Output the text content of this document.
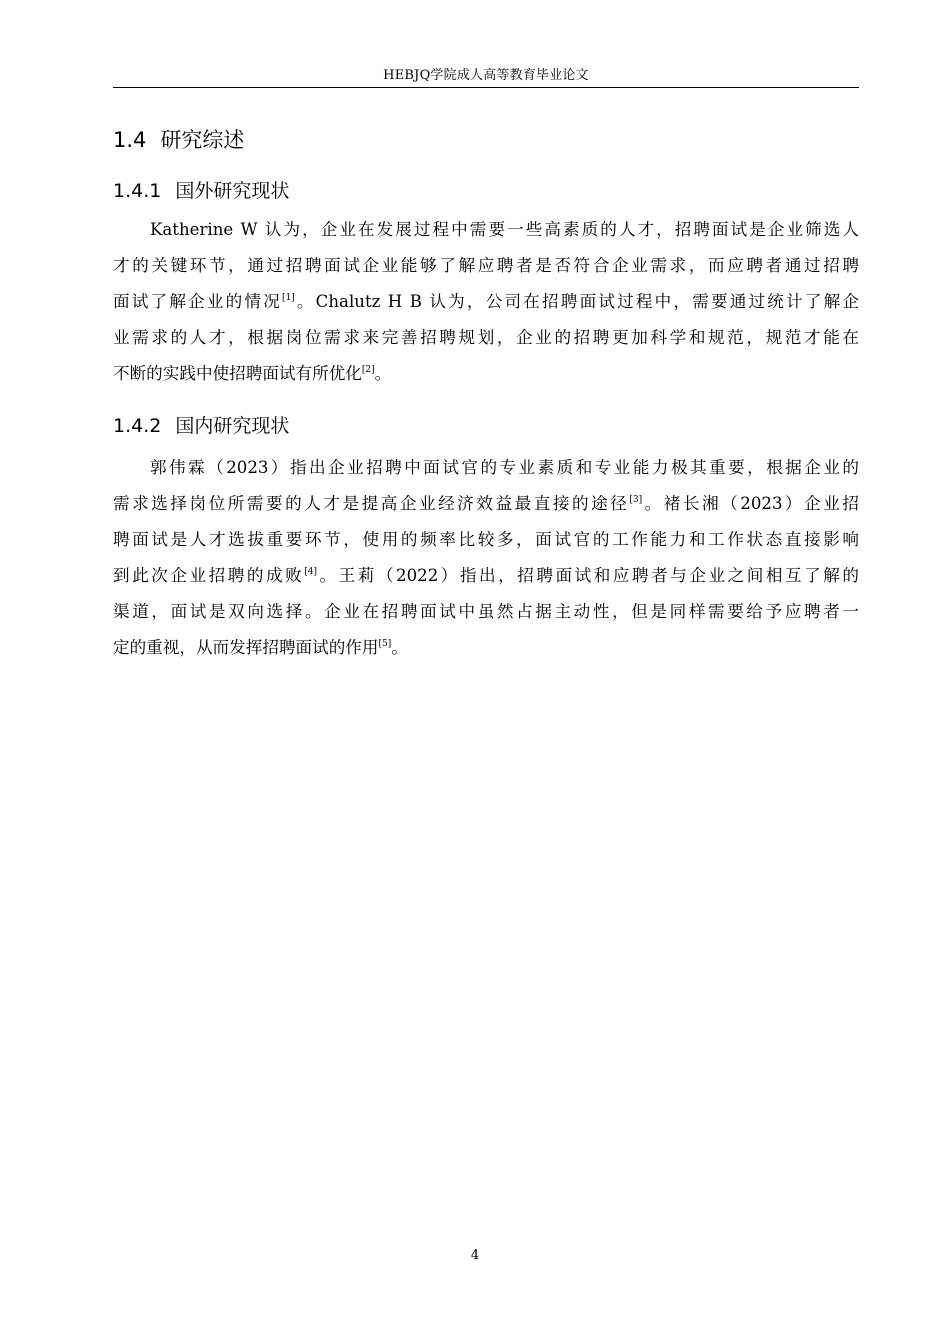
HEBJQ学院成人高等教育毕业论文
1.4 研究综述
1.4.1 国外研究现状
Katherine W 认为，企业在发展过程中需要一些高素质的人才，招聘面试是企业筛选人
才的关键环节，通过招聘面试企业能够了解应聘者是否符合企业需求，而应聘者通过招聘
面试了解企业的情况[1]。Chalutz H B 认为，公司在招聘面试过程中，需要通过统计了解企
业需求的人才，根据岗位需求来完善招聘规划，企业的招聘更加科学和规范，规范才能在
不断的实践中使招聘面试有所优化[2]。
1.4.2 国内研究现状
郭伟霖（2023）指出企业招聘中面试官的专业素质和专业能力极其重要，根据企业的
需求选择岗位所需要的人才是提高企业经济效益最直接的途径[3]。褚长湘（2023）企业招
聘面试是人才选拔重要环节，使用的频率比较多，面试官的工作能力和工作状态直接影响
到此次企业招聘的成败[4]。王莉（2022）指出，招聘面试和应聘者与企业之间相互了解的
渠道，面试是双向选择。企业在招聘面试中虽然占据主动性，但是同样需要给予应聘者一
定的重视，从而发挥招聘面试的作用[5]。
4
